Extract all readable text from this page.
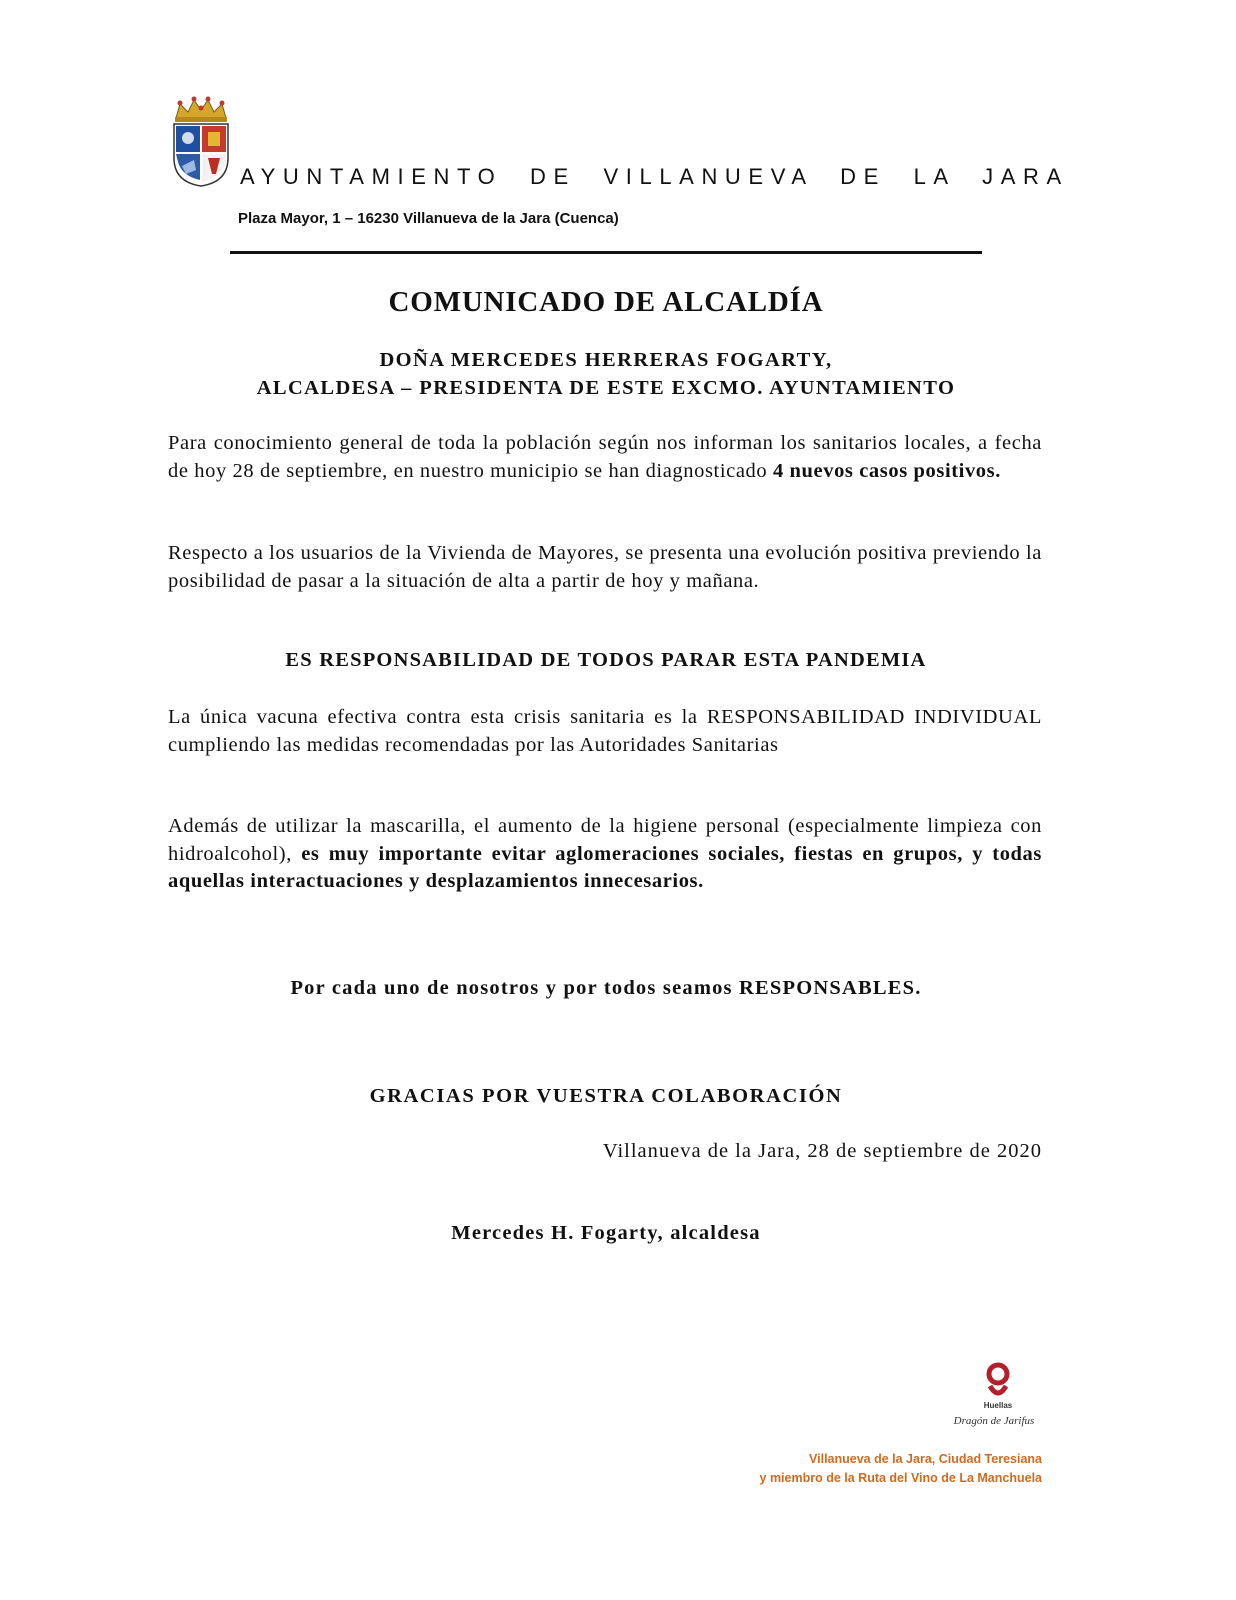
AYUNTAMIENTO DE VILLANUEVA DE LA JARA
Plaza Mayor, 1 – 16230 Villanueva de la Jara (Cuenca)
COMUNICADO DE ALCALDÍA
DOÑA MERCEDES HERRERAS FOGARTY,
ALCALDESA – PRESIDENTA DE ESTE EXCMO. AYUNTAMIENTO
Para conocimiento general de toda la población según nos informan los sanitarios locales, a fecha de hoy 28 de septiembre, en nuestro municipio se han diagnosticado 4 nuevos casos positivos.
Respecto a los usuarios de la Vivienda de Mayores, se presenta una evolución positiva previendo la posibilidad de pasar a la situación de alta a partir de hoy y mañana.
ES RESPONSABILIDAD DE TODOS PARAR ESTA PANDEMIA
La única vacuna efectiva contra esta crisis sanitaria es la RESPONSABILIDAD INDIVIDUAL cumpliendo las medidas recomendadas por las Autoridades Sanitarias
Además de utilizar la mascarilla, el aumento de la higiene personal (especialmente limpieza con hidroalcohol), es muy importante evitar aglomeraciones sociales, fiestas en grupos, y todas aquellas interactuaciones y desplazamientos innecesarios.
Por cada uno de nosotros y por todos seamos RESPONSABLES.
GRACIAS POR VUESTRA COLABORACIÓN
Villanueva de la Jara, 28 de septiembre de 2020
Mercedes H. Fogarty, alcaldesa
Huellas
Dragón de Jarifus
Villanueva de la Jara, Ciudad Teresiana
y miembro de la Ruta del Vino de La Manchuela
